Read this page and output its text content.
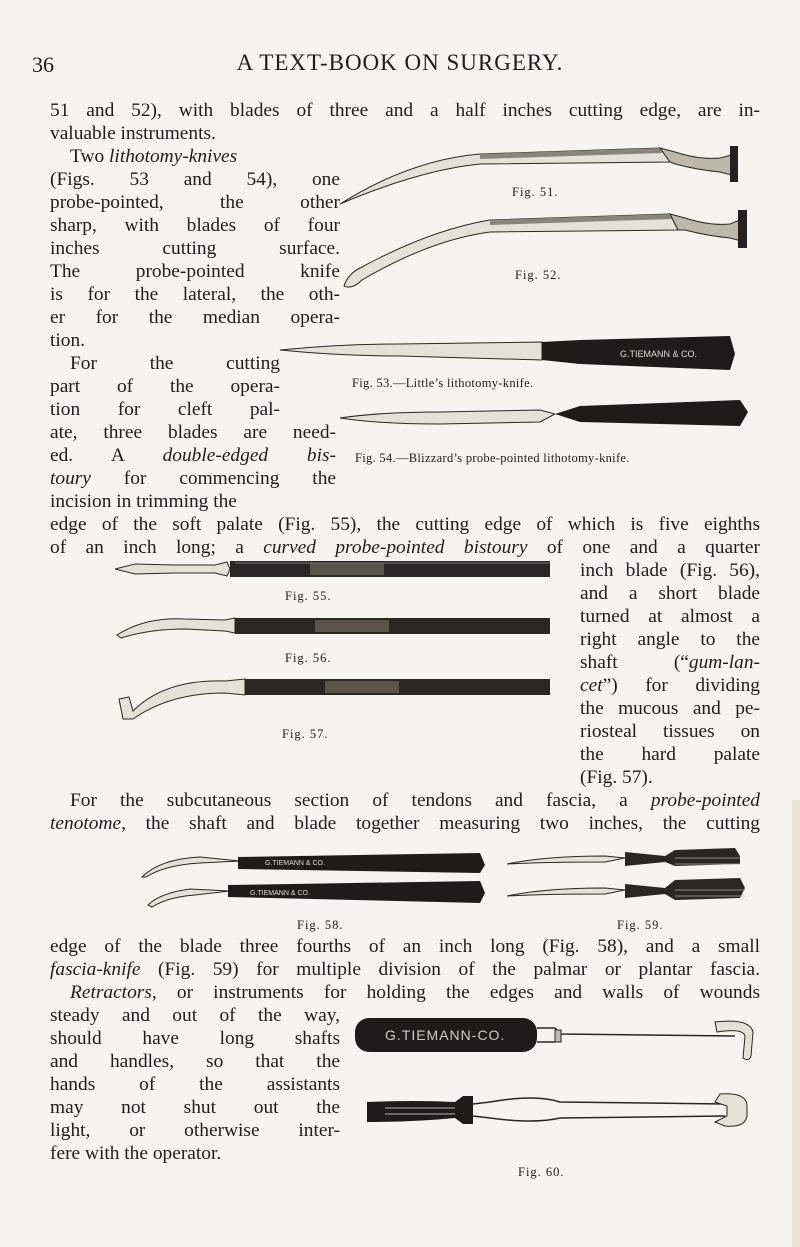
36	A TEXT-BOOK ON SURGERY.
51 and 52), with blades of three and a half inches cutting edge, are in-
valuable instruments.
Two lithotomy-knives
(Figs. 53 and 54), one
probe-pointed, the other
sharp, with blades of four
inches cutting surface.
The probe-pointed knife
is for the lateral, the oth-
er for the median opera-
tion.
For the cutting
part of the opera-
tion for cleft pal-
ate, three blades are need-
ed. A double-edged bis-
toury for commencing the
incision in trimming the
edge of the soft palate (Fig. 55), the cutting edge of which is five eighths
of an inch long; a curved probe-pointed bistoury of one and a quarter
inch blade (Fig. 56),
and a short blade
turned at almost a
right angle to the
shaft (“gum-lan-
cet”) for dividing
the mucous and pe-
riosteal tissues on
the hard palate
(Fig. 57).
For the subcutaneous section of tendons and fascia, a probe-pointed
tenotome, the shaft and blade together measuring two inches, the cutting
edge of the blade three fourths of an inch long (Fig. 58), and a small
fascia-knife (Fig. 59) for multiple division of the palmar or plantar fascia.
Retractors, or instruments for holding the edges and walls of wounds
steady and out of the way,
should have long shafts
and handles, so that the
hands of the assistants
may not shut out the
light, or otherwise inter-
fere with the operator.
Fig. 51.
Fig. 52.
G.TIEMANN & CO.
Fig. 53.—Little’s lithotomy-knife.
Fig. 54.—Blizzard’s probe-pointed lithotomy-knife.
Fig. 55.
Fig. 56.
Fig. 57.
G.TIEMANN & CO.
G.TIEMANN & CO.
Fig. 58.	Fig. 59.
G.TIEMANN-CO.
Fig. 60.
